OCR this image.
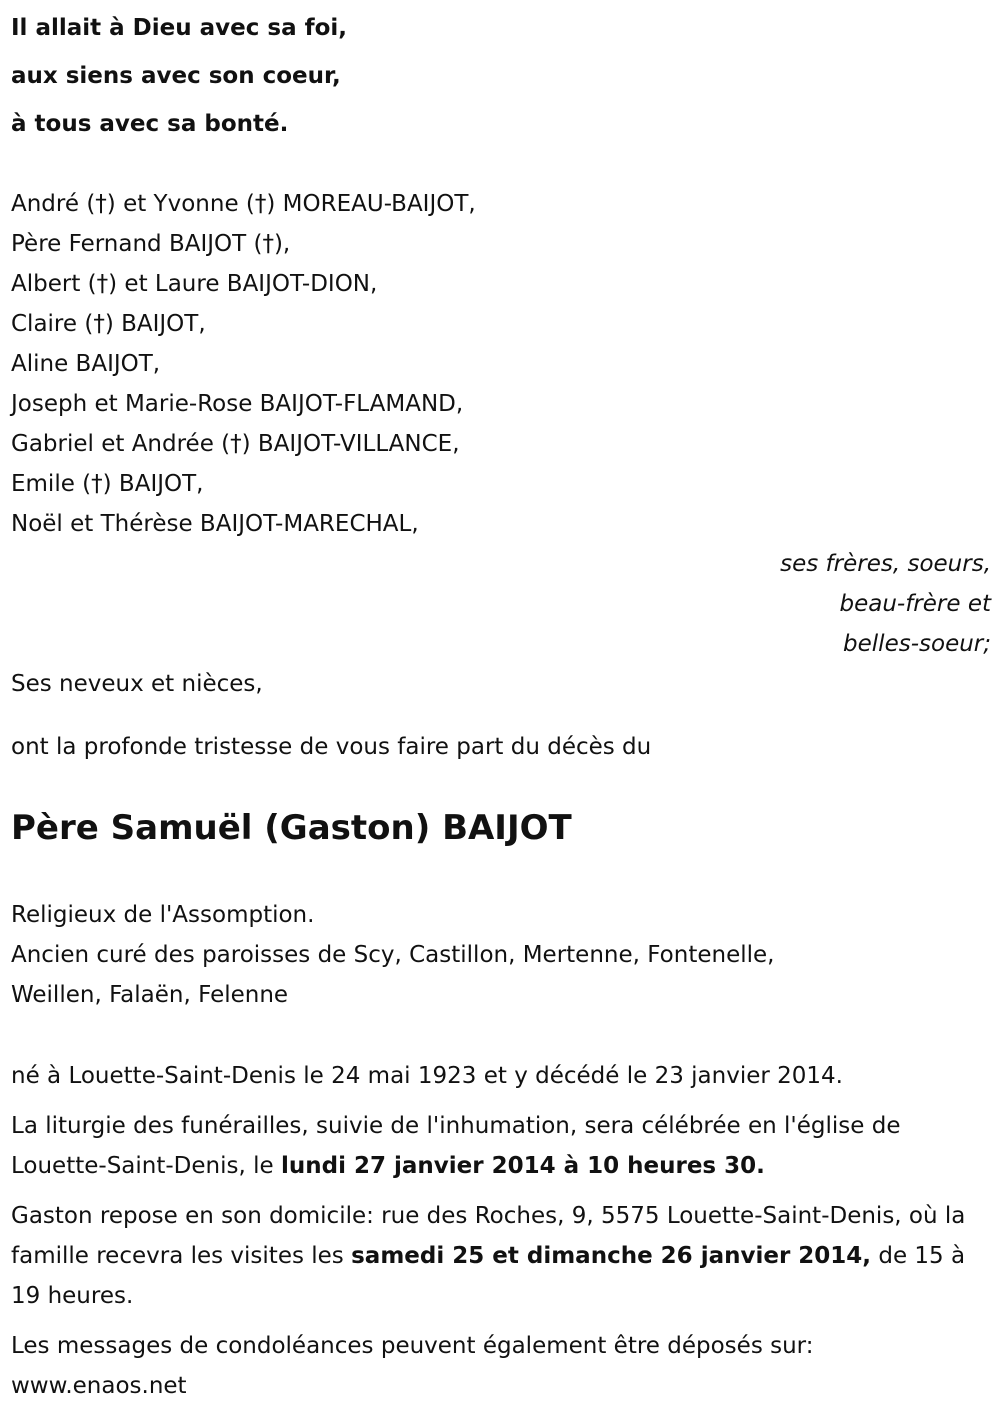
Il allait à Dieu avec sa foi,
aux siens avec son coeur,
à tous avec sa bonté.
André (†) et Yvonne (†) MOREAU-BAIJOT,
Père Fernand BAIJOT (†),
Albert (†) et Laure BAIJOT-DION,
Claire (†) BAIJOT,
Aline BAIJOT,
Joseph et Marie-Rose BAIJOT-FLAMAND,
Gabriel et Andrée (†) BAIJOT-VILLANCE,
Emile (†) BAIJOT,
Noël et Thérèse BAIJOT-MARECHAL,
ses frères, soeurs,
beau-frère et
belles-soeur;
Ses neveux et nièces,
ont la profonde tristesse de vous faire part du décès du
Père Samuël (Gaston) BAIJOT
Religieux de l'Assomption.
Ancien curé des paroisses de Scy, Castillon, Mertenne, Fontenelle,
Weillen, Falaën, Felenne

né à Louette-Saint-Denis le 24 mai 1923 et y décédé le 23 janvier 2014.

La liturgie des funérailles, suivie de l'inhumation, sera célébrée en l'église de Louette-Saint-Denis, le lundi 27 janvier 2014 à 10 heures 30.

Gaston repose en son domicile: rue des Roches, 9, 5575 Louette-Saint-Denis, où la famille recevra les visites les samedi 25 et dimanche 26 janvier 2014, de 15 à 19 heures.

Les messages de condoléances peuvent également être déposés sur:
www.enaos.net
